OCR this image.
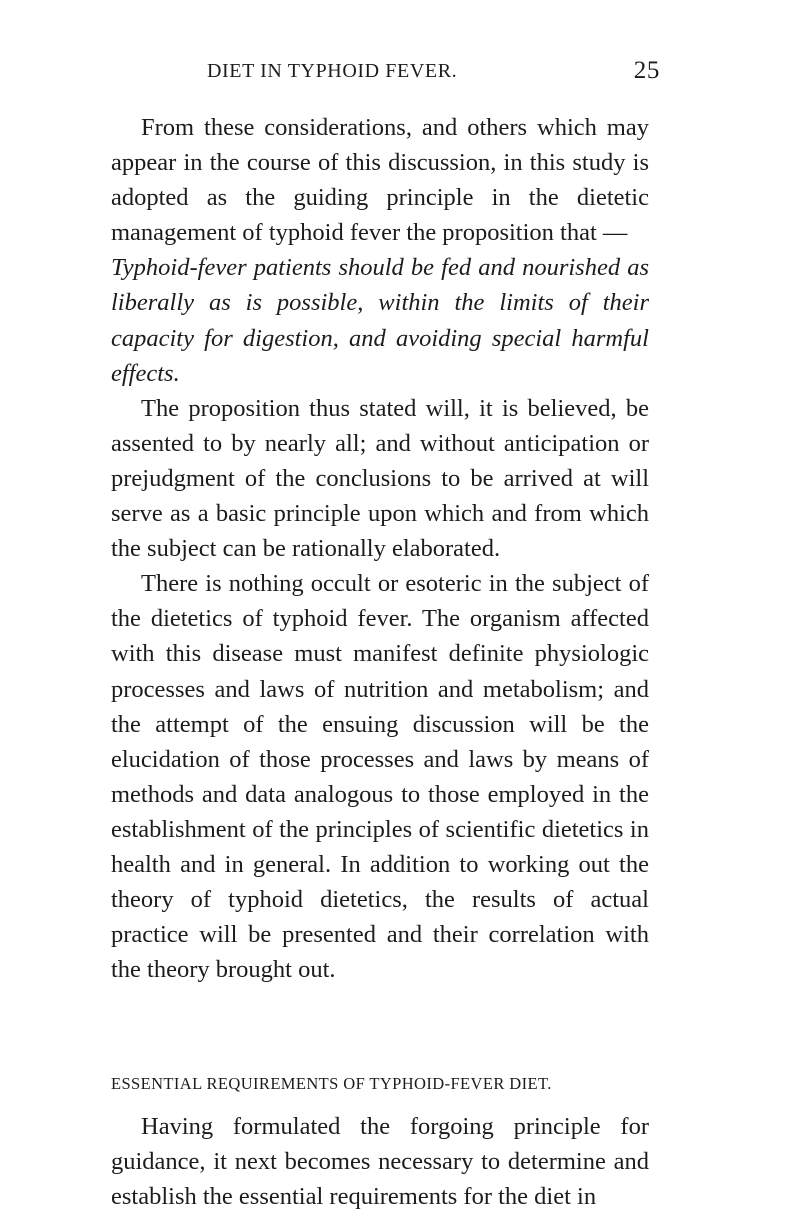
DIET IN TYPHOID FEVER.	25

From these considerations, and others which may appear in the course of this discussion, in this study is adopted as the guiding principle in the dietetic management of typhoid fever the proposition that —
Typhoid-fever patients should be fed and nourished as liberally as is possible, within the limits of their capacity for digestion, and avoiding special harmful effects.

The proposition thus stated will, it is believed, be assented to by nearly all; and without anticipation or prejudgment of the conclusions to be arrived at will serve as a basic principle upon which and from which the subject can be rationally elaborated.

There is nothing occult or esoteric in the subject of the dietetics of typhoid fever. The organism affected with this disease must manifest definite physiologic processes and laws of nutrition and metabolism; and the attempt of the ensuing discussion will be the elucidation of those processes and laws by means of methods and data analogous to those employed in the establishment of the principles of scientific dietetics in health and in general. In addition to working out the theory of typhoid dietetics, the results of actual practice will be presented and their correlation with the theory brought out.

ESSENTIAL REQUIREMENTS OF TYPHOID-FEVER DIET.

Having formulated the forgoing principle for guidance, it next becomes necessary to determine and establish the essential requirements for the diet in
